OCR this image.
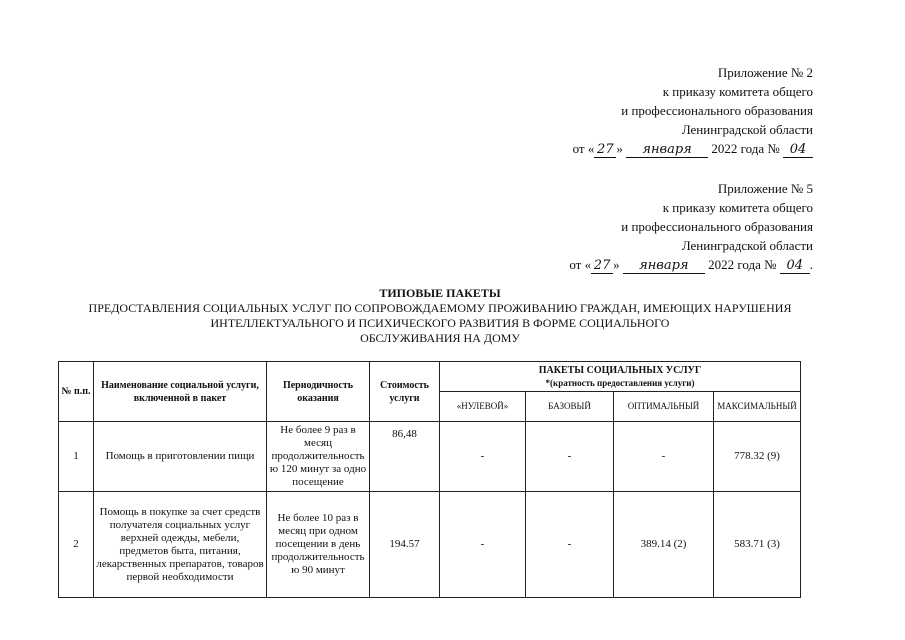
Приложение № 2
к приказу комитета общего
и профессионального образования
Ленинградской области
от « 27 » января 2022 года № 04
Приложение № 5
к приказу комитета общего
и профессионального образования
Ленинградской области
от « 27 » января 2022 года № 04 .
ТИПОВЫЕ ПАКЕТЫ
ПРЕДОСТАВЛЕНИЯ СОЦИАЛЬНЫХ УСЛУГ ПО СОПРОВОЖДАЕМОМУ ПРОЖИВАНИЮ ГРАЖДАН, ИМЕЮЩИХ НАРУШЕНИЯ
ИНТЕЛЛЕКТУАЛЬНОГО И ПСИХИЧЕСКОГО РАЗВИТИЯ В ФОРМЕ СОЦИАЛЬНОГО
ОБСЛУЖИВАНИЯ НА ДОМУ
№ п.п.	Наименование социальной услуги, включенной в пакет	Периодичность оказания	Стоимость услуги	ПАКЕТЫ СОЦИАЛЬНЫХ УСЛУГ
*(кратность предоставления услуги)			

				«НУЛЕВОЙ»	БАЗОВЫЙ	ОПТИМАЛЬНЫЙ	МАКСИМАЛЬНЫЙ
1	Помощь в приготовлении пищи	Не более 9 раз в месяц продолжительность ю 120 минут за одно посещение	86,48	-	-	-	778.32 (9)
2	Помощь в покупке за счет средств получателя социальных услуг верхней одежды, мебели, предметов быта, питания, лекарственных препаратов, товаров первой необходимости	Не более 10 раз в месяц при одном посещении в день продолжительность ю 90 минут	194.57	-	-	389.14 (2)	583.71 (3)
